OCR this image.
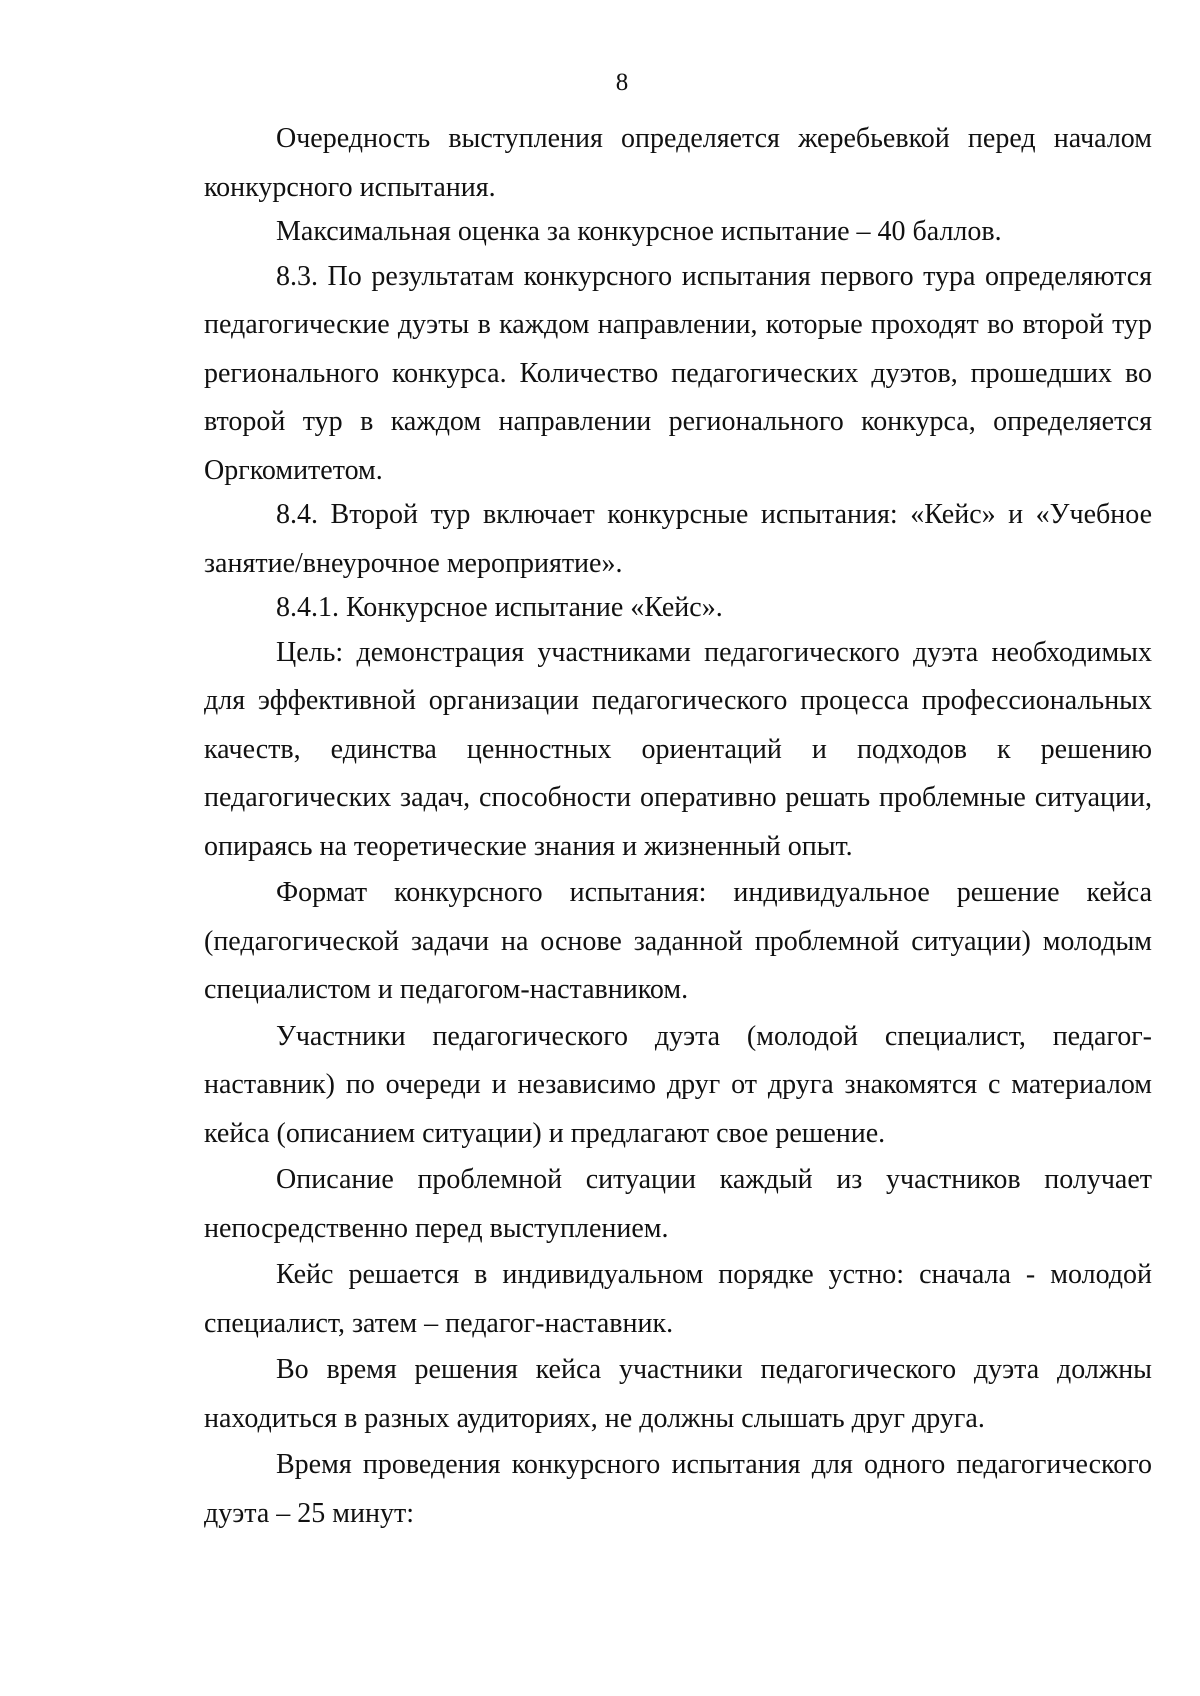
8

Очередность выступления определяется жеребьевкой перед началом конкурсного испытания.

Максимальная оценка за конкурсное испытание – 40 баллов.

8.3. По результатам конкурсного испытания первого тура определяются педагогические дуэты в каждом направлении, которые проходят во второй тур регионального конкурса. Количество педагогических дуэтов, прошедших во второй тур в каждом направлении регионального конкурса, определяется Оргкомитетом.

8.4. Второй тур включает конкурсные испытания: «Кейс» и «Учебное занятие/внеурочное мероприятие».

8.4.1. Конкурсное испытание «Кейс».

Цель: демонстрация участниками педагогического дуэта необходимых для эффективной организации педагогического процесса профессиональных качеств, единства ценностных ориентаций и подходов к решению педагогических задач, способности оперативно решать проблемные ситуации, опираясь на теоретические знания и жизненный опыт.

Формат конкурсного испытания: индивидуальное решение кейса (педагогической задачи на основе заданной проблемной ситуации) молодым специалистом и педагогом-наставником.

Участники педагогического дуэта (молодой специалист, педагог-наставник) по очереди и независимо друг от друга знакомятся с материалом кейса (описанием ситуации) и предлагают свое решение.

Описание проблемной ситуации каждый из участников получает непосредственно перед выступлением.

Кейс решается в индивидуальном порядке устно: сначала - молодой специалист, затем – педагог-наставник.

Во время решения кейса участники педагогического дуэта должны находиться в разных аудиториях, не должны слышать друг друга.

Время проведения конкурсного испытания для одного педагогического дуэта – 25 минут:
